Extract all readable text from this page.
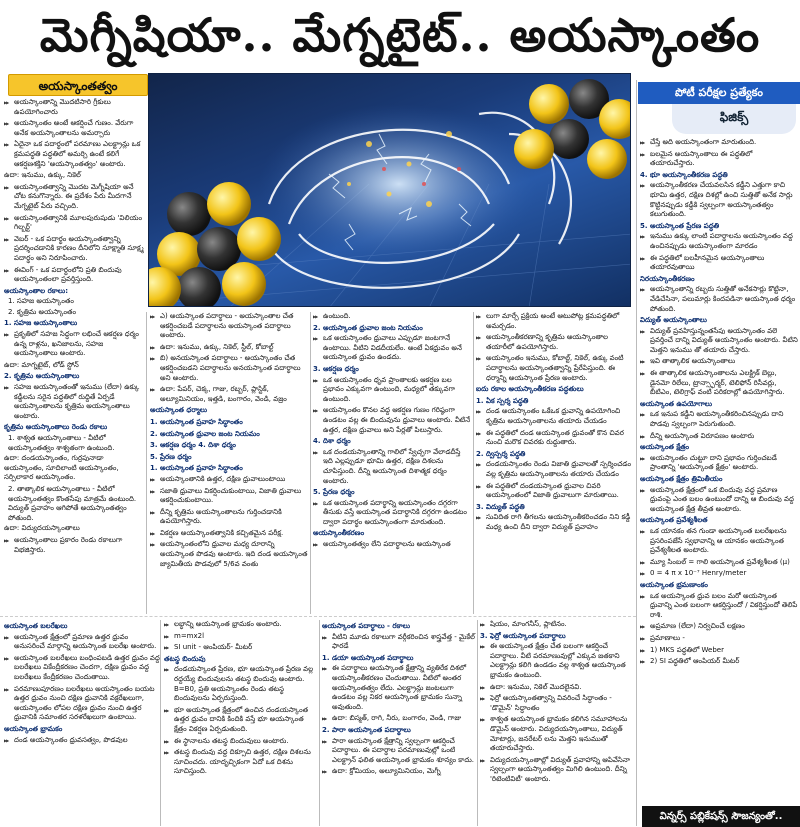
మెగ్నీషియా.. మేగ్నటైట్.. అయస్కాంతం
అయస్కాంతత్వం
▶▶ అయస్కాంతాన్ని మొదటిసారి గ్రీకులు ఉపయోగించారు
▶▶ అయస్కాంతం అంటే ఆకర్షించే గుణం. వేరుగా అనేక అయస్కాంతాలను అమర్చారు
▶▶ ఏదైనా ఒక పదార్థంలో పరమాణు ఎలక్ట్రాన్లు ఒక క్రమపద్ధతి పద్ధతిలో అమర్చి ఉంటే కలిగే ఆకర్షణశక్తిని 'అయస్కాంతత్వం' అంటారు.
ఉదా: ఇనుము, ఉక్కు, నికెల్
▶▶ అయస్కాంతత్వాన్ని మొదట మెగ్నీషియా అనే చోట కనుగొన్నారు. ఈ ప్రదేశం పేరు మీదగానే మేగ్నటైట్ పేరు వచ్చింది.
▶▶ అయస్కాంతత్వానికి మూలపురుషుడు 'విలియం గిల్బర్ట్'
▶▶ వెబర్ - ఒక పదార్థం అయస్కాంతత్వాన్ని ప్రదర్శించడానికి కారణం దీనిలోని సూక్ష్మాతి సూక్ష్మ పదార్థం అని నిరూపించారు.
▶▶ ఈవింగ్ - ఒక పదార్థంలోని ప్రతి బిందువు అయస్కాంతంలా ప్రవర్తిస్తుంది.
అయస్కాంతాల రకాలు:
1. సహజ అయస్కాంతం
2. కృత్రిమ అయస్కాంతం
1. సహజ అయస్కాంతాలు
▶▶ ప్రకృతిలో సహజ సిద్ధంగా లభించే ఆకర్షణ ధర్మం ఉన్న రాళ్లను, ఖనిజాలను, సహజ అయస్కాంతాలు అంటారు.
ఉదా: మాగ్నటైట్, లోడ్ స్టోన్
2. కృత్రిమ అయస్కాంతాలు
▶▶ సహజ అయస్కాంతంతో ఇనుము (లేదా) ఉక్కు కడ్డీలను సరైన పద్ధతిలో రుద్దితే ఏర్పడే అయస్కాంతాలను కృత్రిమ అయస్కాంతాలు అంటారు.
కృత్రిమ అయస్కాంతాలు రెండు రకాలు
1. శాశ్వత అయస్కాంతాలు - వీటిలో అయస్కాంతత్వం శాశ్వతంగా ఉంటుంది.
ఉదా: దండయస్కాంతం, గుర్రపునాడా అయస్కాంతం, సూదిలాంటి అయస్కాంతం, సర్పిలాకార అయస్కాంతం.
2. తాత్కాలిక అయస్కాంతాలు - వీటిలో అయస్కాంతత్వం కొంతసేపు మాత్రమే ఉంటుంది. విద్యుత్ ప్రవాహం ఆగిపోతే అయస్కాంతత్వం పోతుంది.
ఉదా: విద్యుదయస్కాంతాలు
▶▶ అయస్కాంతాలు ప్రకారం రెండు రకాలుగా విభజిస్తారు.
పోటీ పరీక్షల ప్రత్యేకం
ఫిజిక్స్
▶▶ చేస్తే అది అయస్కాంతంగా మారుతుంది.
▶▶ బలమైన అయస్కాంతాలు ఈ పద్ధతిలో తయారుచేస్తారు.
4. భూ అయస్కాంతీకరణ పద్ధతి
▶▶ అయస్కాంతీకరణ చేయవలసిన కడ్డీని ఎత్తుగా కాచి భూమి ఉత్తర, దక్షిణ దిశల్లో ఉంచి సుత్తితో అనేక సార్లు కొట్టినప్పుడు కడ్డీకి స్వల్పంగా అయస్కాంతత్వం కలుగుతుంది.
5. అయస్కాంత ప్రేరణ పద్ధతి
▶▶ ఇనుము ఉక్కు లాంటి పదార్థాలను అయస్కాంతం వద్ద ఉంచినప్పుడు అయస్కాంతంగా మారడం
▶▶ ఈ పద్ధతిలో బలహీనమైన అయస్కాంతాలు తయారవుతాయి
నిరయస్కాంతీకరణం
▶▶ అయస్కాంతాన్ని రబ్బరు సుత్తితో అనేకసార్లు కొట్టినా, వేడిచేసినా, పలుమార్లు కిందపడినా అయస్కాంత ధర్మం పోతుంది.
విద్యుత్ అయస్కాంతాలు
▶▶ విద్యుత్ ప్రవహిస్తున్నంతసేపు అయస్కాంతం వలె ప్రవర్తించే దాన్ని విద్యుత్ అయస్కాంతం అంటారు. వీటిని మెత్తని ఇనుము తో తయారు చేస్తారు.
▶▶ ఇవి తాత్కాలిక అయస్కాంతాలు
▶▶ ఈ తాత్కాలిక అయస్కాంతాలను ఎలక్ట్రిక్ బెల్లు, డైనమో రిలేలు, ట్రాన్స్ఫార్మర్, టెలిఫోన్ రిసీవర్లు, బీటిఎం, టెలిగ్రాఫ్ వంటి పరికరాల్లో ఉపయోగిస్తారు.
అయస్కాంత ఉపయోగాలు
▶▶ ఒక ఇనుప కడ్డీని అయస్కాంతీకరించినప్పుడు దాని పొడవు స్వల్పంగా పెరుగుతుంది.
▶▶ దీన్ని అయస్కాంత విరూపణం అంటారు
అయస్కాంత క్షేత్రం
▶▶ అయస్కాంతం చుట్టూ దాని ప్రభావం గుర్తించబడే ప్రాంతాన్ని 'అయస్కాంత క్షేత్రం' అంటారు.
అయస్కాంత క్షేత్రం త్రిమితీయం
▶▶ అయస్కాంత క్షేత్రంలో ఒక బిందువు వద్ద ప్రమాణ ధ్రువంపై ఎంత బలం ఉంటుందో దాన్ని ఆ బిందువు వద్ద అయస్కాంత క్షేత్ర తీవ్రత అంటారు.
అయస్కాంత ప్రవేశ్యశీలత
▶▶ ఒక యానకం తన గుండా అయస్కాంత బలరేఖలను ప్రసరింపజేసే స్వభావాన్ని ఆ యానకం అయస్కాంత ప్రవేశ్యశీలత అంటారు.
▶▶ మ్యూ సింబల్ = గాలి అయస్కాంత ప్రవేశ్యశీలత (μ)
▶▶ 0 = 4 π x 10⁻⁷ Henry/meter
అయస్కాంత భ్రమణాంకం
▶▶ ఒక అయస్కాంత ధ్రువ బలం మరో అయస్కాంత ధ్రువాన్ని ఎంత బలంగా ఆకర్షిస్తుందో / వికర్షిస్తుందో తెలిపే రాశి.
▶▶ అప్రమాణ (లేదా) నిర్వచించే లక్షణం
▶▶ ప్రమాణాలు -
▶▶ 1) MKS పద్ధతిలో Weber
▶▶ 2) SI పద్ధతిలో ఆంపియర్ మీటర్
విన్నర్స్ పబ్లికేషన్స్ సౌజన్యంతో..
▶▶ ఎ) అయస్కాంత పదార్థాలు - అయస్కాంతాల చేత ఆకర్షించబడే పదార్థాలను అయస్కాంత పదార్థాలు అంటారు.
▶▶ ఉదా: ఇనుము, ఉక్కు, నికెల్, స్టీల్, కోబాల్ట్
▶▶ బి) అనయస్కాంత పదార్థాలు - అయస్కాంతం చేత ఆకర్షించబడని పదార్థాలను అనయస్కాంత పదార్థాలు అని అంటారు.
▶▶ ఉదా: పేపర్, చెక్క, గాజు, రబ్బర్, ప్లాస్టిక్, అల్యూమినియం, ఇత్తడి, బంగారం, వెండి, వజ్రం
అయస్కాంత ధర్మాలు
1. అయస్కాంత ప్రవాహ సిద్ధాంతం
2. అయస్కాంత ధ్రువాల జంట నియమం
3. ఆకర్షణ ధర్మం 4. దిశా ధర్మం
5. ప్రేరణ ధర్మం
1. అయస్కాంత ప్రవాహ సిద్ధాంతం
▶▶ అయస్కాంతానికి ఉత్తర, దక్షిణ ధ్రువాలుంటాయి
▶▶ సజాతి ధ్రువాలు వికర్షించుకుంటాయి, విజాతి ధ్రువాలు ఆకర్షించుకుంటాయి.
▶▶ దీన్ని కృత్రిమ అయస్కాంతాలను గుర్తించడానికి ఉపయోగిస్తారు.
▶▶ వికర్షణ అయస్కాంతత్వానికి కచ్చితమైన పరీక్ష.
▶▶ అయస్కాంతంలోని ధ్రువాల మధ్య దూరాన్ని అయస్కాంత పొడవు అంటారు. ఇది దండ అయస్కాంత జ్యామితీయ పొడవులో 5/6వ వంతు
▶▶ ఉంటుంది.
2. అయస్కాంత ధ్రువాల జంట నియమం
▶▶ ఒక అయస్కాంతం ధ్రువాలు ఎప్పుడూ జంటగానే ఉంటాయి. వీటిని విడదీయలేం. అంటే ఏకధ్రువం అనే అయస్కాంత ధ్రువం ఉండదు.
3. ఆకర్షణ ధర్మం
▶▶ ఒక అయస్కాంతం ధృవ ప్రాంతాలకు ఆకర్షణ బల ప్రభావం ఎక్కువగా ఉంటుంది, మధ్యలో తక్కువగా ఉంటుంది.
▶▶ అయస్కాంతం కొనల వద్ద ఆకర్షణ గుణం గరిష్ఠంగా ఉండటం వల్ల ఈ బిందువును ధ్రువాలు అంటారు. వీటినే ఉత్తర, దక్షిణ ధ్రువాలు అని పేర్లతో పిలుస్తారు.
4. దిశా ధర్మం
▶▶ ఒక దండయస్కాంతాన్ని గాలిలో స్వేచ్ఛగా వేలాడదీస్తే ఇది ఎల్లప్పుడూ భూమి ఉత్తర, దక్షిణ దిశలను చూపిస్తుంది. దీన్ని అయస్కాంత దిశాత్మక ధర్మం అంటారు.
5. ప్రేరణ ధర్మం
▶▶ ఒక అయస్కాంత పదార్థాన్ని అయస్కాంతం దగ్గరగా తీసుకు వస్తే అయస్కాంత పదార్థానికి దగ్గరగా ఉండటం ద్వారా పదార్థం అయస్కాంతంగా మారుతుంది.
అయస్కాంతీకరణం
▶▶ అయస్కాంతత్వం లేని పదార్థాలను అయస్కాంత
▶▶ లుగా మార్చే ప్రక్రియ అంటే ఆటుపోట్ల క్రమపద్ధతిలో అమర్చడం.
▶▶ అయస్కాంతీకరణాన్ని కృత్రిమ అయస్కాంతాల తయారీలో ఉపయోగిస్తారు.
▶▶ అయస్కాంతం ఇనుము, కోబాల్ట్, నికెల్, ఉక్కు వంటి పదార్థాలను అయస్కాంతత్వాన్ని ప్రేరేపిస్తుంది. ఈ ధర్మాన్ని అయస్కాంత ప్రేరణ అంటారు.
ఐదు రకాల అయస్కాంతీకరణ పద్ధతులు
1. ఏక స్పర్శ పద్ధతి
▶▶ దండ అయస్కాంతం ఒకేఒక ధ్రువాన్ని ఉపయోగించి కృత్రిమ అయస్కాంతాలను తయారు చేయడం
▶▶ ఈ పద్ధతిలో దండ అయస్కాంత ధ్రువంతో కొన చివర నుంచి మరొక చివరకు రుద్దుతారు.
2. ద్విస్పర్శ పద్ధతి
▶▶ దండయస్కాంతం రెండు విజాతి ధ్రువాలతో స్పర్శించడం వల్ల కృత్రిమ అయస్కాంతాలను తయారు చేయడం
▶▶ ఈ పద్ధతిలో దండయస్కాంత ధ్రువాల చివరి అయస్కాంతంలో విజాతి ధ్రువాలుగా మారుతాయి.
3. విద్యుత్ పద్ధతి
▶▶ సువిదిత రాగి తీగలను అయస్కాంతీకరించడం నిని కడ్డీ మధ్య ఉంచి దీని ద్వారా విద్యుత్ ప్రవాహం
అయస్కాంత బలరేఖలు
▶▶ అయస్కాంత క్షేత్రంలో ప్రమాణ ఉత్తర ధ్రువం అనుసరించే మార్గాన్ని అయస్కాంత బలరేఖ అంటారు.
▶▶ అయస్కాంత బలరేఖలు బంధింపబడి ఉత్తర ధ్రువం వద్ద బలరేఖలు వికేంద్రీకరణం చెందగా, దక్షిణ ధ్రువం వద్ద బలరేఖలు కేంద్రీకరణం చెందుతాయి.
▶▶ పరమాణుపూరణం బలరేఖలు అయస్కాంతం బయట ఉత్తర ధ్రువం నుంచి దక్షిణ ధ్రువానికి వక్రరేఖలుగా, అయస్కాంతం లోపల దక్షిణ ధ్రువం నుంచి ఉత్తర ధ్రువానికి సమాంతర సరళరేఖలుగా ఉంటాయి.
అయస్కాంత భ్రామకం
▶▶ దండ అయస్కాంతం ధ్రువసత్వం, పొడవుల
▶▶ లబ్ధాన్ని అయస్కాంత భ్రామకం అంటారు.
▶▶ m=mx2l
▶▶ SI unit - ఆంపియర్- మీటర్
తటస్థ బిందువు
▶▶ దండయస్కాంత ప్రేరణ, భూ అయస్కాంత ప్రేరణ వల్ల రద్దయ్యే బిందువులను తటస్థ బిందువు అంటారు. B=B0, ప్రతి అయస్కాంతం రెండు తటస్థ బిందువులను ఏర్పరుస్తుంది.
▶▶ భూ అయస్కాంత క్షేత్రంలో ఉంచిన దండయస్కాంత ఉత్తర ధ్రువం దానికి కిందికి వస్తే భూ అయస్కాంత క్షేత్రం వికర్షణ ఏర్పడుతుంది.
▶▶ ఈ స్థానాలను తటస్థ బిందువులు అంటారు.
▶▶ తటస్థ బిందువు వద్ద దిక్సూచి ఉత్తర, దక్షిణ దిశలను సూచించదు. యాదృచ్ఛికంగా ఏదో ఒక దిశను సూచిస్తుంది.
అయస్కాంత పదార్థాలు - రకాలు
▶▶ వీటిని మూడు రకాలుగా వర్గీకరించిన శాస్త్రవేత్త - మైకేల్ ఫారడే
1. డయా అయస్కాంత పదార్థాలు
▶▶ ఈ పదార్థాలు అయస్కాంత క్షేత్రాన్ని వ్యతిరేక దిశలో అయస్కాంతీకరణం చెందుతాయి. వీటిలో అంతర అయస్కాంతత్వం లేదు. ఎలక్ట్రాన్లు జంటలుగా ఉండటం వల్ల నికర అయస్కాంత భ్రామకం సున్నా అవుతుంది.
▶▶ ఉదా: బిస్మత్, రాగి, నీరు, బంగారం, వెండి, గాజు
2. పారా అయస్కాంత పదార్థాలు
▶▶ పారా అయస్కాంత క్షేత్రాన్ని స్వల్పంగా ఆకర్షించే పదార్థాలు. ఈ పదార్థాల పరమాణువుల్లో ఒంటి ఎలక్ట్రాన్ ఫలిత అయస్కాంత భ్రామకం శూన్యం కాదు.
▶▶ ఉదా: క్రోమియం, అల్యూమినియం, మెగ్నీ
▶▶ షియం, మాంగనీస్, ప్లాటినం.
3. ఫెర్రో అయస్కాంత పదార్థాలు
▶▶ ఈ అయస్కాంత క్షేత్రం చేత బలంగా ఆకర్షించే పదార్థాలు. వీటి పరమాణువుల్లో ఎక్కువ జతకాని ఎలక్ట్రాన్లు కలిగి ఉండడం వల్ల శాశ్వత అయస్కాంత భ్రామకం ఉంటుంది.
▶▶ ఉదా: ఇనుము, నికెల్ మొదలైనవి.
▶▶ ఫెర్రో అయస్కాంతత్వాన్ని వివరించే సిద్ధాంతం - 'డొమైన్' సిద్ధాంతం
▶▶ శాశ్వత అయస్కాంత భ్రామకం కలిగిన సమూహాలను డొమైన్ అంటారు. విద్యుదయస్కాంతాలు, విద్యుత్ మోటార్లు, జనరేటర్ లను మెత్తని ఇనుముతో తయారుచేస్తారు.
▶▶ విద్యుదయస్కాంతాల్లో విద్యుత్ ప్రవాహాన్ని ఆపివేసినా స్వల్పంగా అయస్కాంతత్వం మిగిలి ఉంటుంది. దీన్ని 'రిటెంటివిటీ' అంటారు.
